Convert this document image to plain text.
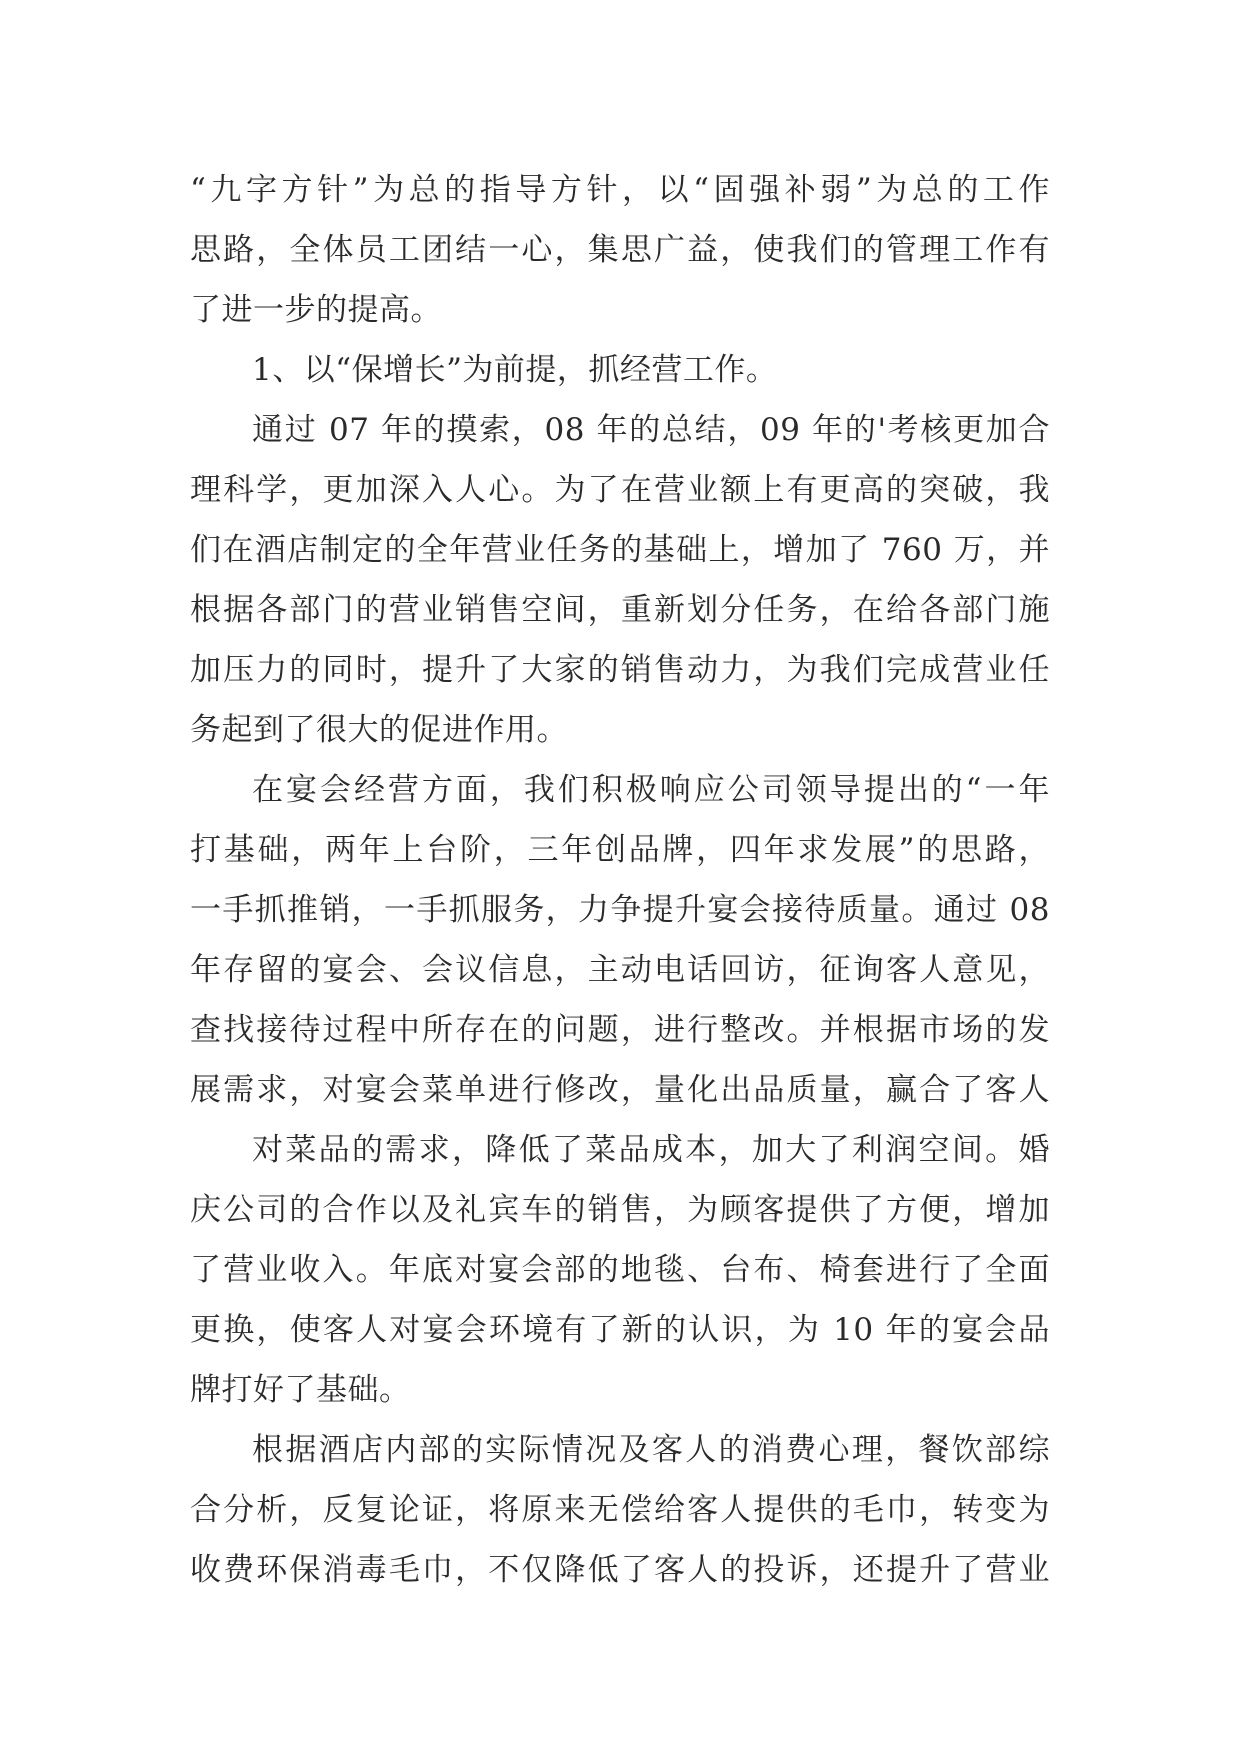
“九字方针”为总的指导方针，以“固强补弱”为总的工作
思路，全体员工团结一心，集思广益，使我们的管理工作有
了进一步的提高。
1、以“保增长”为前提，抓经营工作。
通过 07 年的摸索，08 年的总结，09 年的'考核更加合
理科学，更加深入人心。为了在营业额上有更高的突破，我
们在酒店制定的全年营业任务的基础上，增加了 760 万，并
根据各部门的营业销售空间，重新划分任务，在给各部门施
加压力的同时，提升了大家的销售动力，为我们完成营业任
务起到了很大的促进作用。
在宴会经营方面，我们积极响应公司领导提出的“一年
打基础，两年上台阶，三年创品牌，四年求发展”的思路，
一手抓推销，一手抓服务，力争提升宴会接待质量。通过 08
年存留的宴会、会议信息，主动电话回访，征询客人意见，
查找接待过程中所存在的问题，进行整改。并根据市场的发
展需求，对宴会菜单进行修改，量化出品质量，赢合了客人
对菜品的需求，降低了菜品成本，加大了利润空间。婚
庆公司的合作以及礼宾车的销售，为顾客提供了方便，增加
了营业收入。年底对宴会部的地毯、台布、椅套进行了全面
更换，使客人对宴会环境有了新的认识，为 10 年的宴会品
牌打好了基础。
根据酒店内部的实际情况及客人的消费心理，餐饮部综
合分析，反复论证，将原来无偿给客人提供的毛巾，转变为
收费环保消毒毛巾，不仅降低了客人的投诉，还提升了营业
